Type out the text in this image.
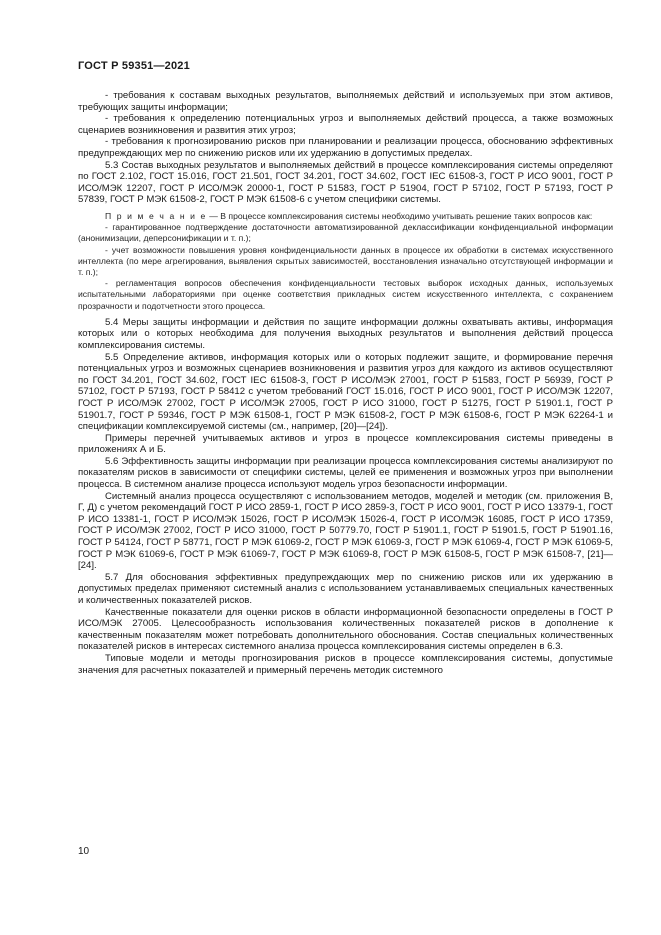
ГОСТ Р 59351—2021

- требования к составам выходных результатов, выполняемых действий и используемых при этом активов, требующих защиты информации;

- требования к определению потенциальных угроз и выполняемых действий процесса, а также возможных сценариев возникновения и развития этих угроз;

- требования к прогнозированию рисков при планировании и реализации процесса, обоснованию эффективных предупреждающих мер по снижению рисков или их удержанию в допустимых пределах.

5.3 Состав выходных результатов и выполняемых действий в процессе комплексирования системы определяют по ГОСТ 2.102, ГОСТ 15.016, ГОСТ 21.501, ГОСТ 34.201, ГОСТ 34.602, ГОСТ IEC 61508-3, ГОСТ Р ИСО 9001, ГОСТ Р ИСО/МЭК 12207, ГОСТ Р ИСО/МЭК 20000-1, ГОСТ Р 51583, ГОСТ Р 51904, ГОСТ Р 57102, ГОСТ Р 57193, ГОСТ Р 57839, ГОСТ Р МЭК 61508-2, ГОСТ Р МЭК 61508-6 с учетом специфики системы.

П р и м е ч а н и е — В процессе комплексирования системы необходимо учитывать решение таких вопросов как:

- гарантированное подтверждение достаточности автоматизированной деклассификации конфиденциальной информации (анонимизации, деперсонификации и т. п.);

- учет возможности повышения уровня конфиденциальности данных в процессе их обработки в системах искусственного интеллекта (по мере агрегирования, выявления скрытых зависимостей, восстановления изначально отсутствующей информации и т. п.);

- регламентация вопросов обеспечения конфиденциальности тестовых выборок исходных данных, используемых испытательными лабораториями при оценке соответствия прикладных систем искусственного интеллекта, с сохранением прозрачности и подотчетности этого процесса.

5.4 Меры защиты информации и действия по защите информации должны охватывать активы, информация которых или о которых необходима для получения выходных результатов и выполнения действий процесса комплексирования системы.

5.5 Определение активов, информация которых или о которых подлежит защите, и формирование перечня потенциальных угроз и возможных сценариев возникновения и развития угроз для каждого из активов осуществляют по ГОСТ 34.201, ГОСТ 34.602, ГОСТ IEC 61508-3, ГОСТ Р ИСО/МЭК 27001, ГОСТ Р 51583, ГОСТ Р 56939, ГОСТ Р 57102, ГОСТ Р 57193, ГОСТ Р 58412 с учетом требований ГОСТ 15.016, ГОСТ Р ИСО 9001, ГОСТ Р ИСО/МЭК 12207, ГОСТ Р ИСО/МЭК 27002, ГОСТ Р ИСО/МЭК 27005, ГОСТ Р ИСО 31000, ГОСТ Р 51275, ГОСТ Р 51901.1, ГОСТ Р 51901.7, ГОСТ Р 59346, ГОСТ Р МЭК 61508-1, ГОСТ Р МЭК 61508-2, ГОСТ Р МЭК 61508-6, ГОСТ Р МЭК 62264-1 и спецификации комплексируемой системы (см., например, [20]—[24]).

Примеры перечней учитываемых активов и угроз в процессе комплексирования системы приведены в приложениях А и Б.

5.6 Эффективность защиты информации при реализации процесса комплексирования системы анализируют по показателям рисков в зависимости от специфики системы, целей ее применения и возможных угроз при выполнении процесса. В системном анализе процесса используют модель угроз безопасности информации.

Системный анализ процесса осуществляют с использованием методов, моделей и методик (см. приложения В, Г, Д) с учетом рекомендаций ГОСТ Р ИСО 2859-1, ГОСТ Р ИСО 2859-3, ГОСТ Р ИСО 9001, ГОСТ Р ИСО 13379-1, ГОСТ Р ИСО 13381-1, ГОСТ Р ИСО/МЭК 15026, ГОСТ Р ИСО/МЭК 15026-4, ГОСТ Р ИСО/МЭК 16085, ГОСТ Р ИСО 17359, ГОСТ Р ИСО/МЭК 27002, ГОСТ Р ИСО 31000, ГОСТ Р 50779.70, ГОСТ Р 51901.1, ГОСТ Р 51901.5, ГОСТ Р 51901.16, ГОСТ Р 54124, ГОСТ Р 58771, ГОСТ Р МЭК 61069-2, ГОСТ Р МЭК 61069-3, ГОСТ Р МЭК 61069-4, ГОСТ Р МЭК 61069-5, ГОСТ Р МЭК 61069-6, ГОСТ Р МЭК 61069-7, ГОСТ Р МЭК 61069-8, ГОСТ Р МЭК 61508-5, ГОСТ Р МЭК 61508-7, [21]—[24].

5.7 Для обоснования эффективных предупреждающих мер по снижению рисков или их удержанию в допустимых пределах применяют системный анализ с использованием устанавливаемых специальных качественных и количественных показателей рисков.

Качественные показатели для оценки рисков в области информационной безопасности определены в ГОСТ Р ИСО/МЭК 27005. Целесообразность использования количественных показателей рисков в дополнение к качественным показателям может потребовать дополнительного обоснования. Состав специальных количественных показателей рисков в интересах системного анализа процесса комплексирования системы определен в 6.3.

Типовые модели и методы прогнозирования рисков в процессе комплексирования системы, допустимые значения для расчетных показателей и примерный перечень методик системного

10
